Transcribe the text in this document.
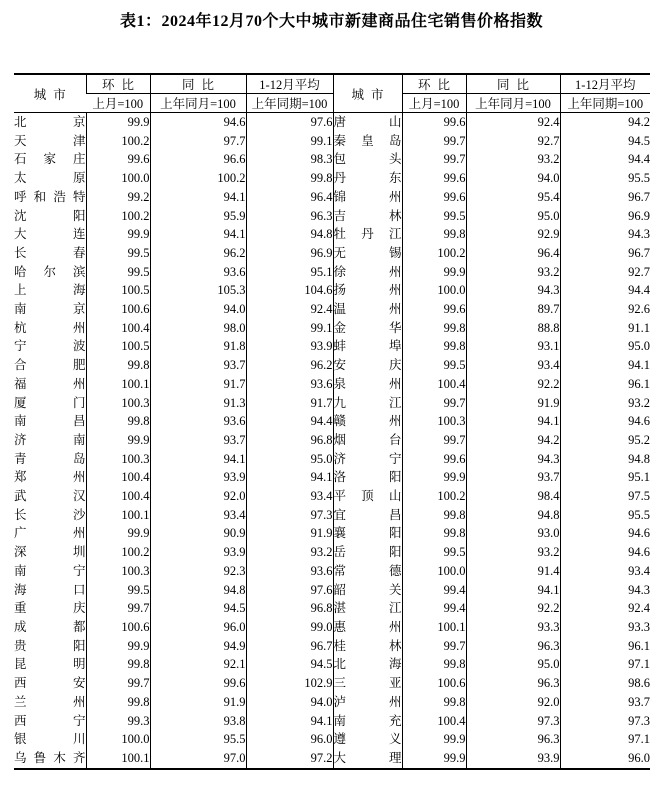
表1：2024年12月70个大中城市新建商品住宅销售价格指数
城市	环比	同比	1-12月平均	城市	环比	同比	1-12月平均
	上月=100	上年同月=100	上年同期=100		上月=100	上年同月=100	上年同期=100

北 京	99.9	94.6	97.6	唐 山	99.6	92.4	94.2

天 津	100.2	97.7	99.1	秦 皇 岛	99.7	92.7	94.5

石 家 庄	99.6	96.6	98.3	包 头	99.7	93.2	94.4

太 原	100.0	100.2	99.8	丹 东	99.6	94.0	95.5

呼 和 浩 特	99.2	94.1	96.4	锦 州	99.6	95.4	96.7

沈 阳	100.2	95.9	96.3	吉 林	99.5	95.0	96.9

大 连	99.9	94.1	94.8	牡 丹 江	99.8	92.9	94.3

长 春	99.5	96.2	96.9	无 锡	100.2	96.4	96.7

哈 尔 滨	99.5	93.6	95.1	徐 州	99.9	93.2	92.7

上 海	100.5	105.3	104.6	扬 州	100.0	94.3	94.4

南 京	100.6	94.0	92.4	温 州	99.6	89.7	92.6

杭 州	100.4	98.0	99.1	金 华	99.8	88.8	91.1

宁 波	100.5	91.8	93.9	蚌 埠	99.8	93.1	95.0

合 肥	99.8	93.7	96.2	安 庆	99.5	93.4	94.1

福 州	100.1	91.7	93.6	泉 州	100.4	92.2	96.1

厦 门	100.3	91.3	91.7	九 江	99.7	91.9	93.2

南 昌	99.8	93.6	94.4	赣 州	100.3	94.1	94.6

济 南	99.9	93.7	96.8	烟 台	99.7	94.2	95.2

青 岛	100.3	94.1	95.0	济 宁	99.6	94.3	94.8

郑 州	100.4	93.9	94.1	洛 阳	99.9	93.7	95.1

武 汉	100.4	92.0	93.4	平 顶 山	100.2	98.4	97.5

长 沙	100.1	93.4	97.3	宜 昌	99.8	94.8	95.5

广 州	99.9	90.9	91.9	襄 阳	99.8	93.0	94.6

深 圳	100.2	93.9	93.2	岳 阳	99.5	93.2	94.6

南 宁	100.3	92.3	93.6	常 德	100.0	91.4	93.4

海 口	99.5	94.8	97.6	韶 关	99.4	94.1	94.3

重 庆	99.7	94.5	96.8	湛 江	99.4	92.2	92.4

成 都	100.6	96.0	99.0	惠 州	100.1	93.3	93.3

贵 阳	99.9	94.9	96.7	桂 林	99.7	96.3	96.1

昆 明	99.8	92.1	94.5	北 海	99.8	95.0	97.1

西 安	99.7	99.6	102.9	三 亚	100.6	96.3	98.6

兰 州	99.8	91.9	94.0	泸 州	99.8	92.0	93.7

西 宁	99.3	93.8	94.1	南 充	100.4	97.3	97.3

银 川	100.0	95.5	96.0	遵 义	99.9	96.3	97.1

乌 鲁 木 齐	100.1	97.0	97.2	大 理	99.9	93.9	96.0
